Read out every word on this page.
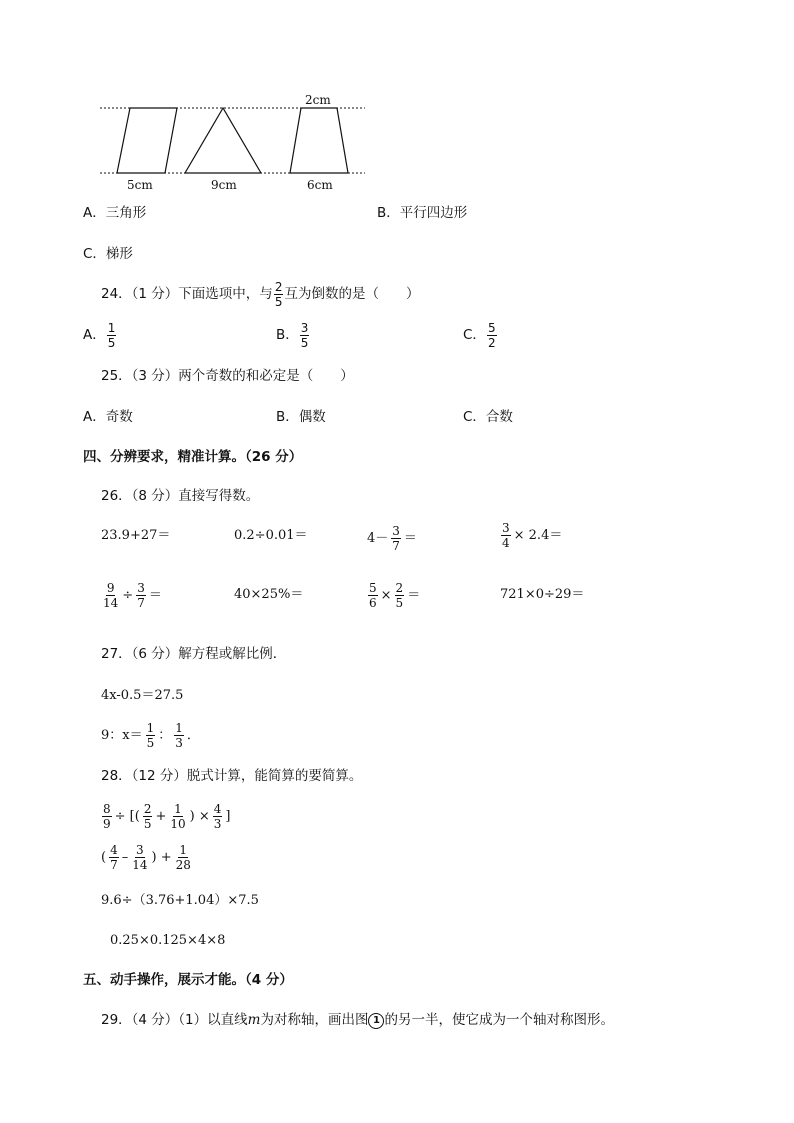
5cm	9cm	6cm
2cm
A．三角形	B．平行四边形
C．梯形
24．（1 分）下面选项中，与 $\frac{2}{5}$ 互为倒数的是（　　）
A． $\frac{1}{5}$	B． $\frac{3}{5}$	C． $\frac{5}{2}$
25．（3 分）两个奇数的和必定是（　　）
A．奇数	B．偶数	C．合数
四、分辨要求，精准计算。（26 分）
26．（8 分）直接写得数。
23.9+27＝	0.2÷0.01＝	$4- \frac{3}{7}$ ＝	$\frac{3}{4} \times 2.4=$
$\frac{9}{14} \div \frac{3}{7}$ ＝	40×25%＝	$\frac{5}{6} \times \frac{2}{5}$ ＝	721×0÷29＝
27．（6 分）解方程或解比例．
4x-0.5＝27.5
9：$x= \frac{1}{5}$ ： $\frac{1}{3}$ ．
28．（12 分）脱式计算，能简算的要简算。
$\frac{8}{9}$ ÷ [( $\frac{2}{5} + \frac{1}{10}$ ) × $\frac{4}{3}$ ]
( $\frac{4}{7} - \frac{3}{14}$ ) + $\frac{1}{28}$
9.6÷（3.76+1.04）×7.5
0.25×0.125×4×8
五、动手操作，展示才能。（4 分）
29．（4 分）（1）以直线 m 为对称轴，画出图 1 的另一半，使它成为一个轴对称图形。
